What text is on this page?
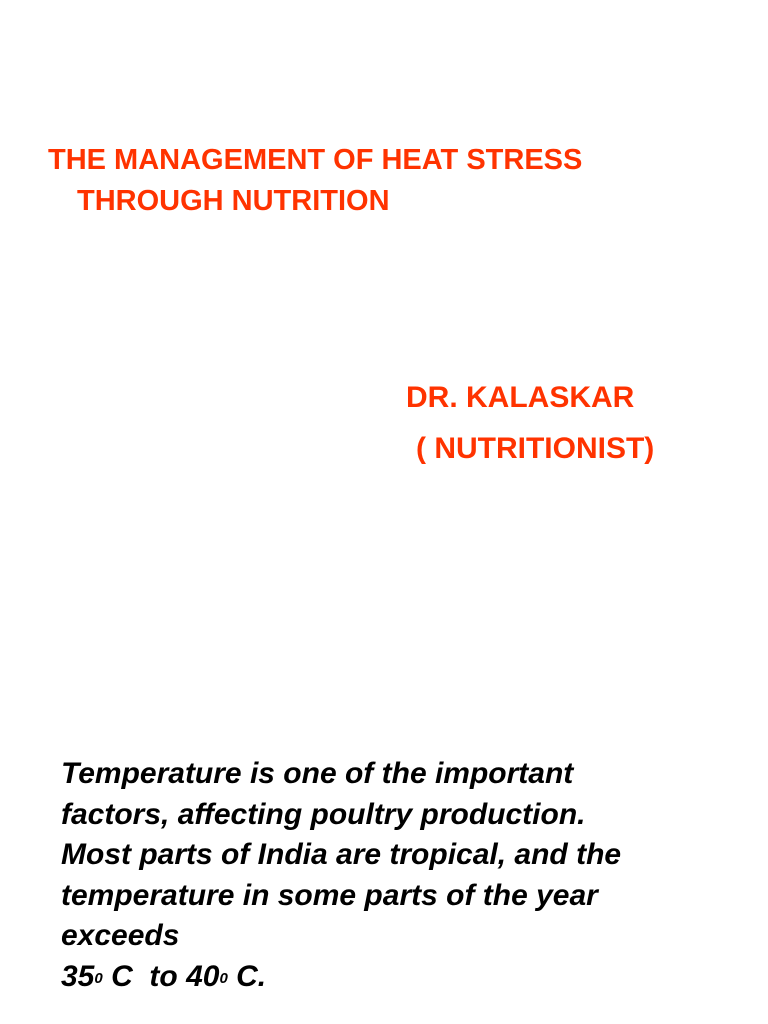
THE MANAGEMENT OF HEAT STRESS
THROUGH NUTRITION
DR. KALASKAR
( NUTRITIONIST)
Temperature is one of the important
factors, affecting poultry production.
Most parts of India are tropical, and the
temperature in some parts of the year
exceeds
$35^0$ C to $40^0$ C.
